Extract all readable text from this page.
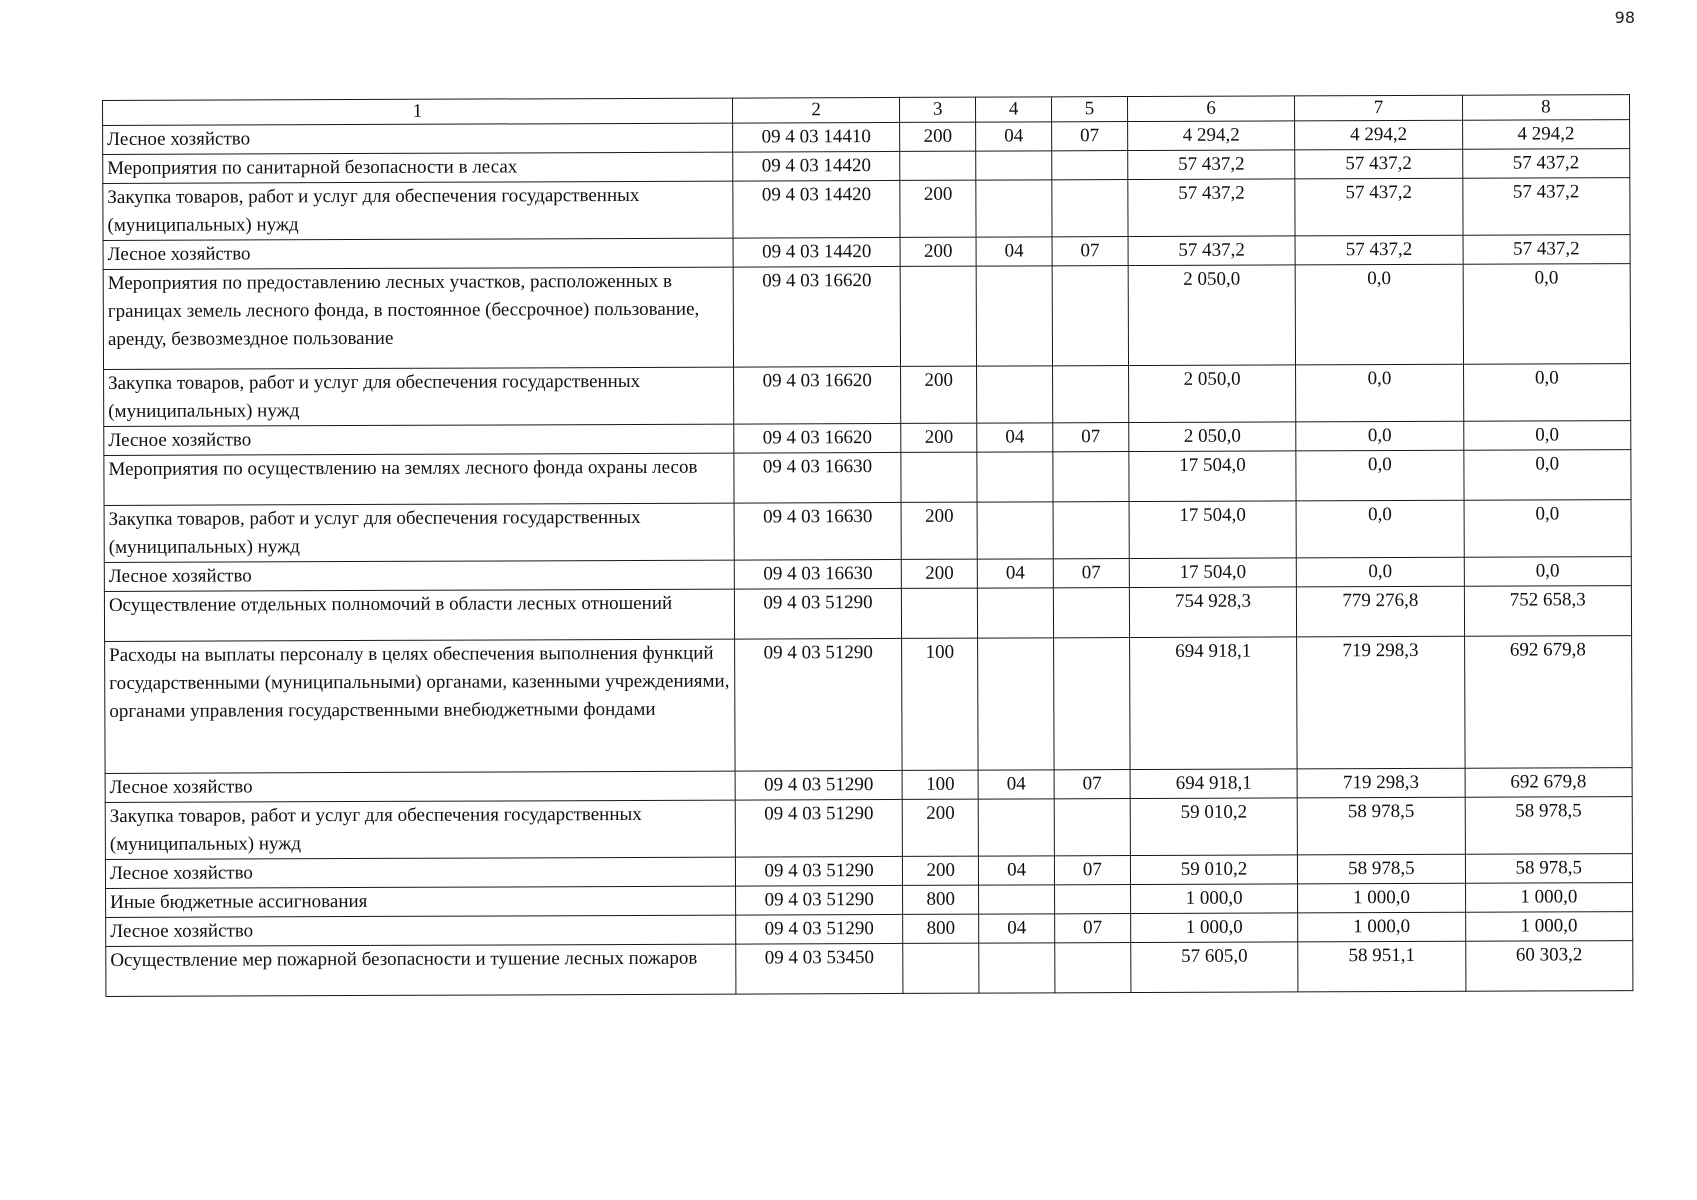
98
1	2	3	4	5	6	7	8
Лесное хозяйство	09 4 03 14410	200	04	07	4 294,2	4 294,2	4 294,2
Мероприятия по санитарной безопасности в лесах	09 4 03 14420				57 437,2	57 437,2	57 437,2
Закупка товаров, работ и услуг для обеспечения государственных (муниципальных) нужд	09 4 03 14420	200			57 437,2	57 437,2	57 437,2
Лесное хозяйство	09 4 03 14420	200	04	07	57 437,2	57 437,2	57 437,2
Мероприятия по предоставлению лесных участков, расположенных в границах земель лесного фонда, в постоянное (бессрочное) пользование, аренду, безвозмездное пользование	09 4 03 16620				2 050,0	0,0	0,0
Закупка товаров, работ и услуг для обеспечения государственных (муниципальных) нужд	09 4 03 16620	200			2 050,0	0,0	0,0
Лесное хозяйство	09 4 03 16620	200	04	07	2 050,0	0,0	0,0
Мероприятия по осуществлению на землях лесного фонда охраны лесов	09 4 03 16630				17 504,0	0,0	0,0
Закупка товаров, работ и услуг для обеспечения государственных (муниципальных) нужд	09 4 03 16630	200			17 504,0	0,0	0,0
Лесное хозяйство	09 4 03 16630	200	04	07	17 504,0	0,0	0,0
Осуществление отдельных полномочий в области лесных отношений	09 4 03 51290				754 928,3	779 276,8	752 658,3
Расходы на выплаты персоналу в целях обеспечения выполнения функций государственными (муниципальными) органами, казенными учреждениями, органами управления государственными внебюджетными фондами	09 4 03 51290	100			694 918,1	719 298,3	692 679,8
Лесное хозяйство	09 4 03 51290	100	04	07	694 918,1	719 298,3	692 679,8
Закупка товаров, работ и услуг для обеспечения государственных (муниципальных) нужд	09 4 03 51290	200			59 010,2	58 978,5	58 978,5
Лесное хозяйство	09 4 03 51290	200	04	07	59 010,2	58 978,5	58 978,5
Иные бюджетные ассигнования	09 4 03 51290	800			1 000,0	1 000,0	1 000,0
Лесное хозяйство	09 4 03 51290	800	04	07	1 000,0	1 000,0	1 000,0
Осуществление мер пожарной безопасности и тушение лесных пожаров	09 4 03 53450				57 605,0	58 951,1	60 303,2
